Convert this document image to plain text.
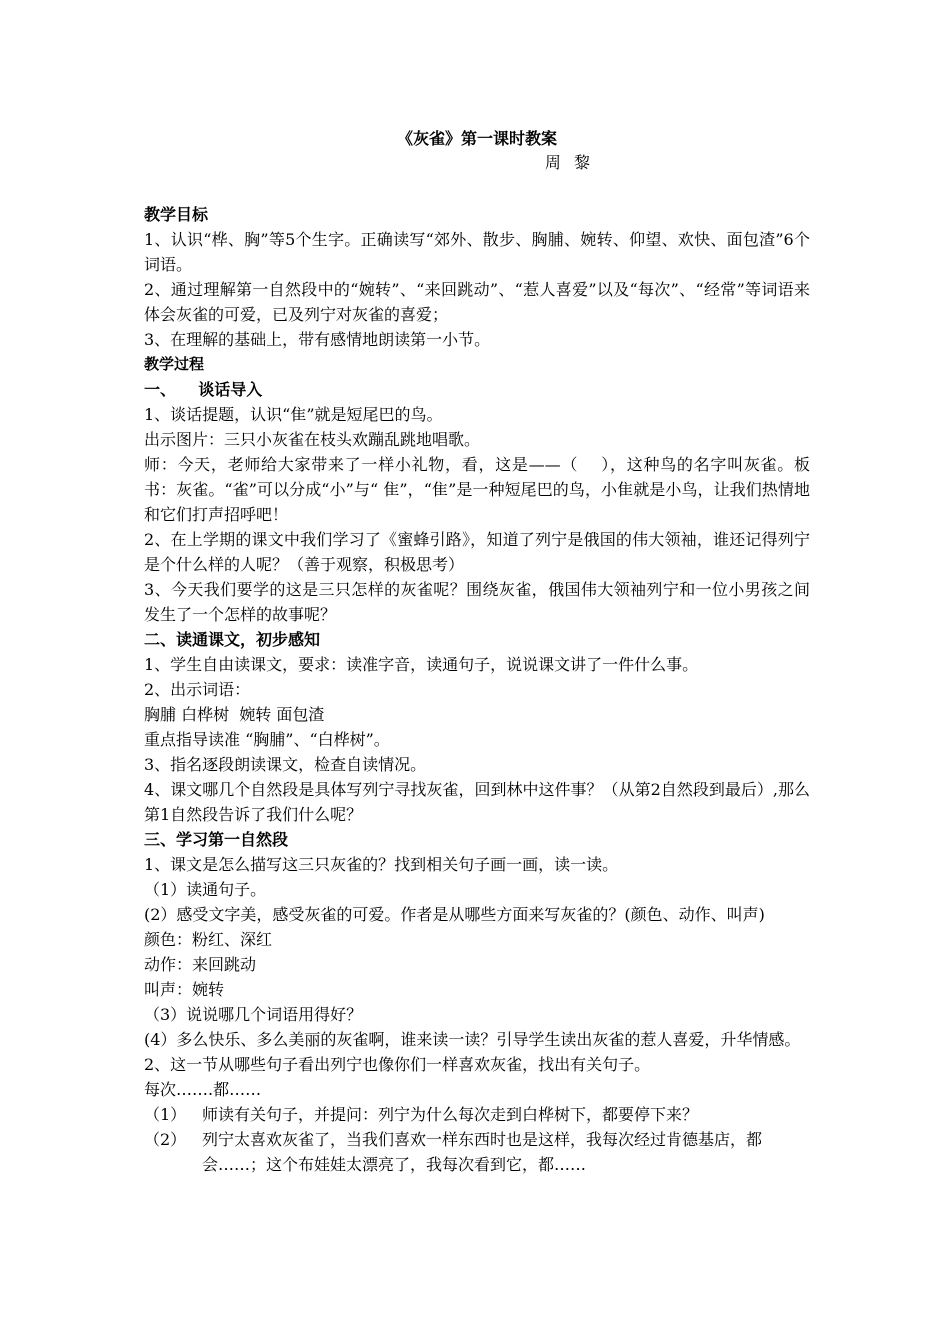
《灰雀》第一课时教案

周 黎

教学目标

1、认识“桦、胸”等5个生字。正确读写“郊外、散步、胸脯、婉转、仰望、欢快、面包渣”6个词语。

2、通过理解第一自然段中的“婉转”、“来回跳动”、“惹人喜爱”以及“每次”、“经常”等词语来体会灰雀的可爱，已及列宁对灰雀的喜爱；

3、在理解的基础上，带有感情地朗读第一小节。

教学过程

一、    谈话导入

1、谈话提题，认识“隹”就是短尾巴的鸟。

出示图片：三只小灰雀在枝头欢蹦乱跳地唱歌。

师：今天，老师给大家带来了一样小礼物，看，这是——（    ），这种鸟的名字叫灰雀。板书：灰雀。“雀”可以分成“小”与“ 隹”，“隹”是一种短尾巴的鸟，小隹就是小鸟，让我们热情地和它们打声招呼吧！

2、在上学期的课文中我们学习了《蜜蜂引路》，知道了列宁是俄国的伟大领袖，谁还记得列宁是个什么样的人呢？（善于观察，积极思考）

3、今天我们要学的这是三只怎样的灰雀呢？围绕灰雀，俄国伟大领袖列宁和一位小男孩之间发生了一个怎样的故事呢？

二、读通课文，初步感知

1、学生自由读课文，要求：读准字音，读通句子，说说课文讲了一件什么事。

2、出示词语：

胸脯 白桦树  婉转 面包渣

重点指导读准 “胸脯”、“白桦树”。

3、指名逐段朗读课文，检查自读情况。

4、课文哪几个自然段是具体写列宁寻找灰雀，回到林中这件事？（从第2自然段到最后）,那么第1自然段告诉了我们什么呢？

三、学习第一自然段

1、课文是怎么描写这三只灰雀的？找到相关句子画一画，读一读。

（1）读通句子。

(2）感受文字美，感受灰雀的可爱。作者是从哪些方面来写灰雀的？(颜色、动作、叫声)

颜色：粉红、深红

动作：来回跳动

叫声：婉转

（3）说说哪几个词语用得好？

(4）多么快乐、多么美丽的灰雀啊，谁来读一读？引导学生读出灰雀的惹人喜爱，升华情感。

2、这一节从哪些句子看出列宁也像你们一样喜欢灰雀，找出有关句子。

每次…….都……

（1） 师读有关句子，并提问：列宁为什么每次走到白桦树下，都要停下来？
（2） 列宁太喜欢灰雀了，当我们喜欢一样东西时也是这样，我每次经过肯德基店，都会……；这个布娃娃太漂亮了，我每次看到它，都……
